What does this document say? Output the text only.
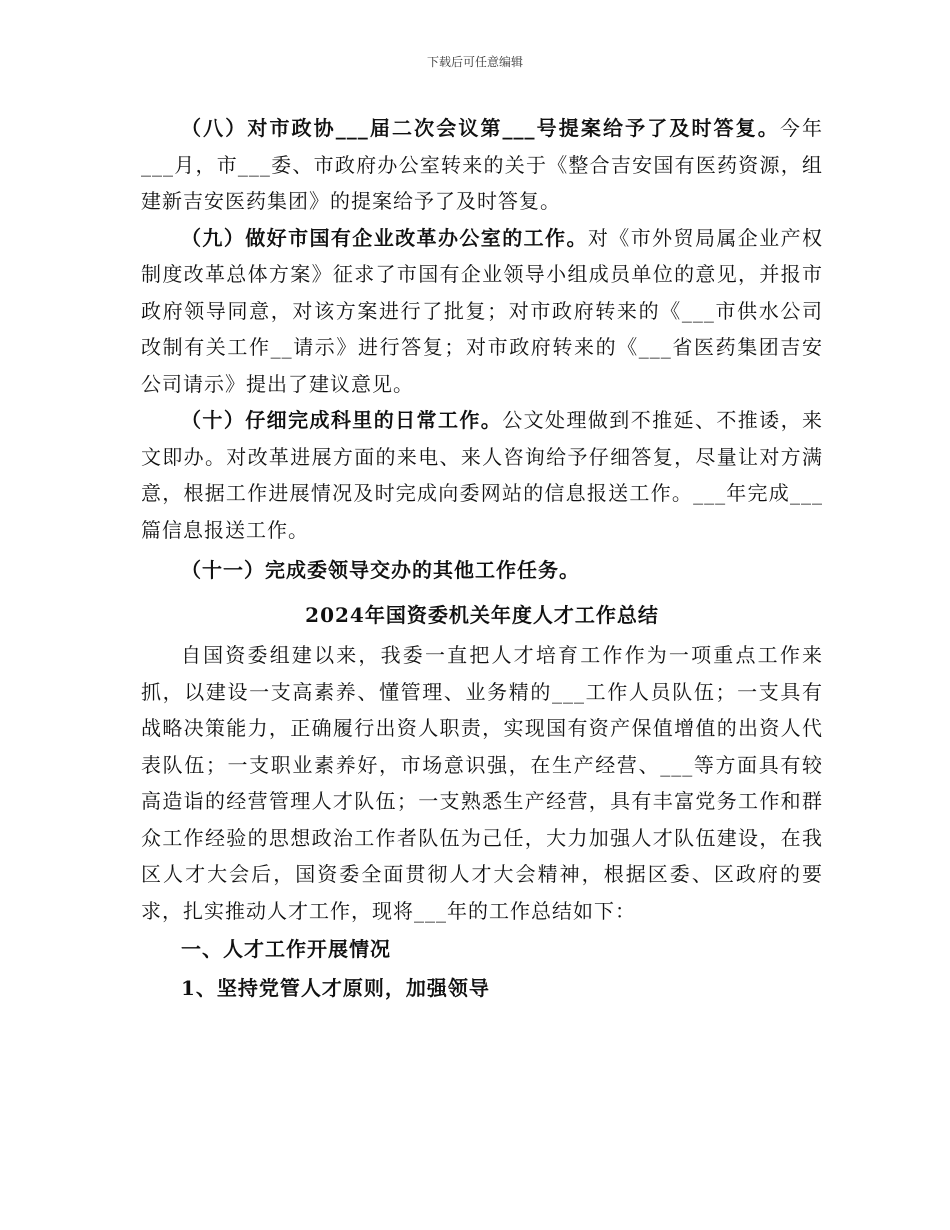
下载后可任意编辑

（八）对市政协___届二次会议第___号提案给予了及时答复。今年___月，市___委、市政府办公室转来的关于《整合吉安国有医药资源，组建新吉安医药集团》的提案给予了及时答复。

（九）做好市国有企业改革办公室的工作。对《市外贸局属企业产权制度改革总体方案》征求了市国有企业领导小组成员单位的意见，并报市政府领导同意，对该方案进行了批复；对市政府转来的《___市供水公司改制有关工作__请示》进行答复；对市政府转来的《___省医药集团吉安公司请示》提出了建议意见。

（十）仔细完成科里的日常工作。公文处理做到不推延、不推诿，来文即办。对改革进展方面的来电、来人咨询给予仔细答复，尽量让对方满意，根据工作进展情况及时完成向委网站的信息报送工作。___年完成___篇信息报送工作。

（十一）完成委领导交办的其他工作任务。

2024年国资委机关年度人才工作总结

自国资委组建以来，我委一直把人才培育工作作为一项重点工作来抓，以建设一支高素养、懂管理、业务精的___工作人员队伍；一支具有战略决策能力，正确履行出资人职责，实现国有资产保值增值的出资人代表队伍；一支职业素养好，市场意识强，在生产经营、___等方面具有较高造诣的经营管理人才队伍；一支熟悉生产经营，具有丰富党务工作和群众工作经验的思想政治工作者队伍为己任，大力加强人才队伍建设，在我区人才大会后，国资委全面贯彻人才大会精神，根据区委、区政府的要求，扎实推动人才工作，现将___年的工作总结如下：

一、人才工作开展情况

1、坚持党管人才原则，加强领导
